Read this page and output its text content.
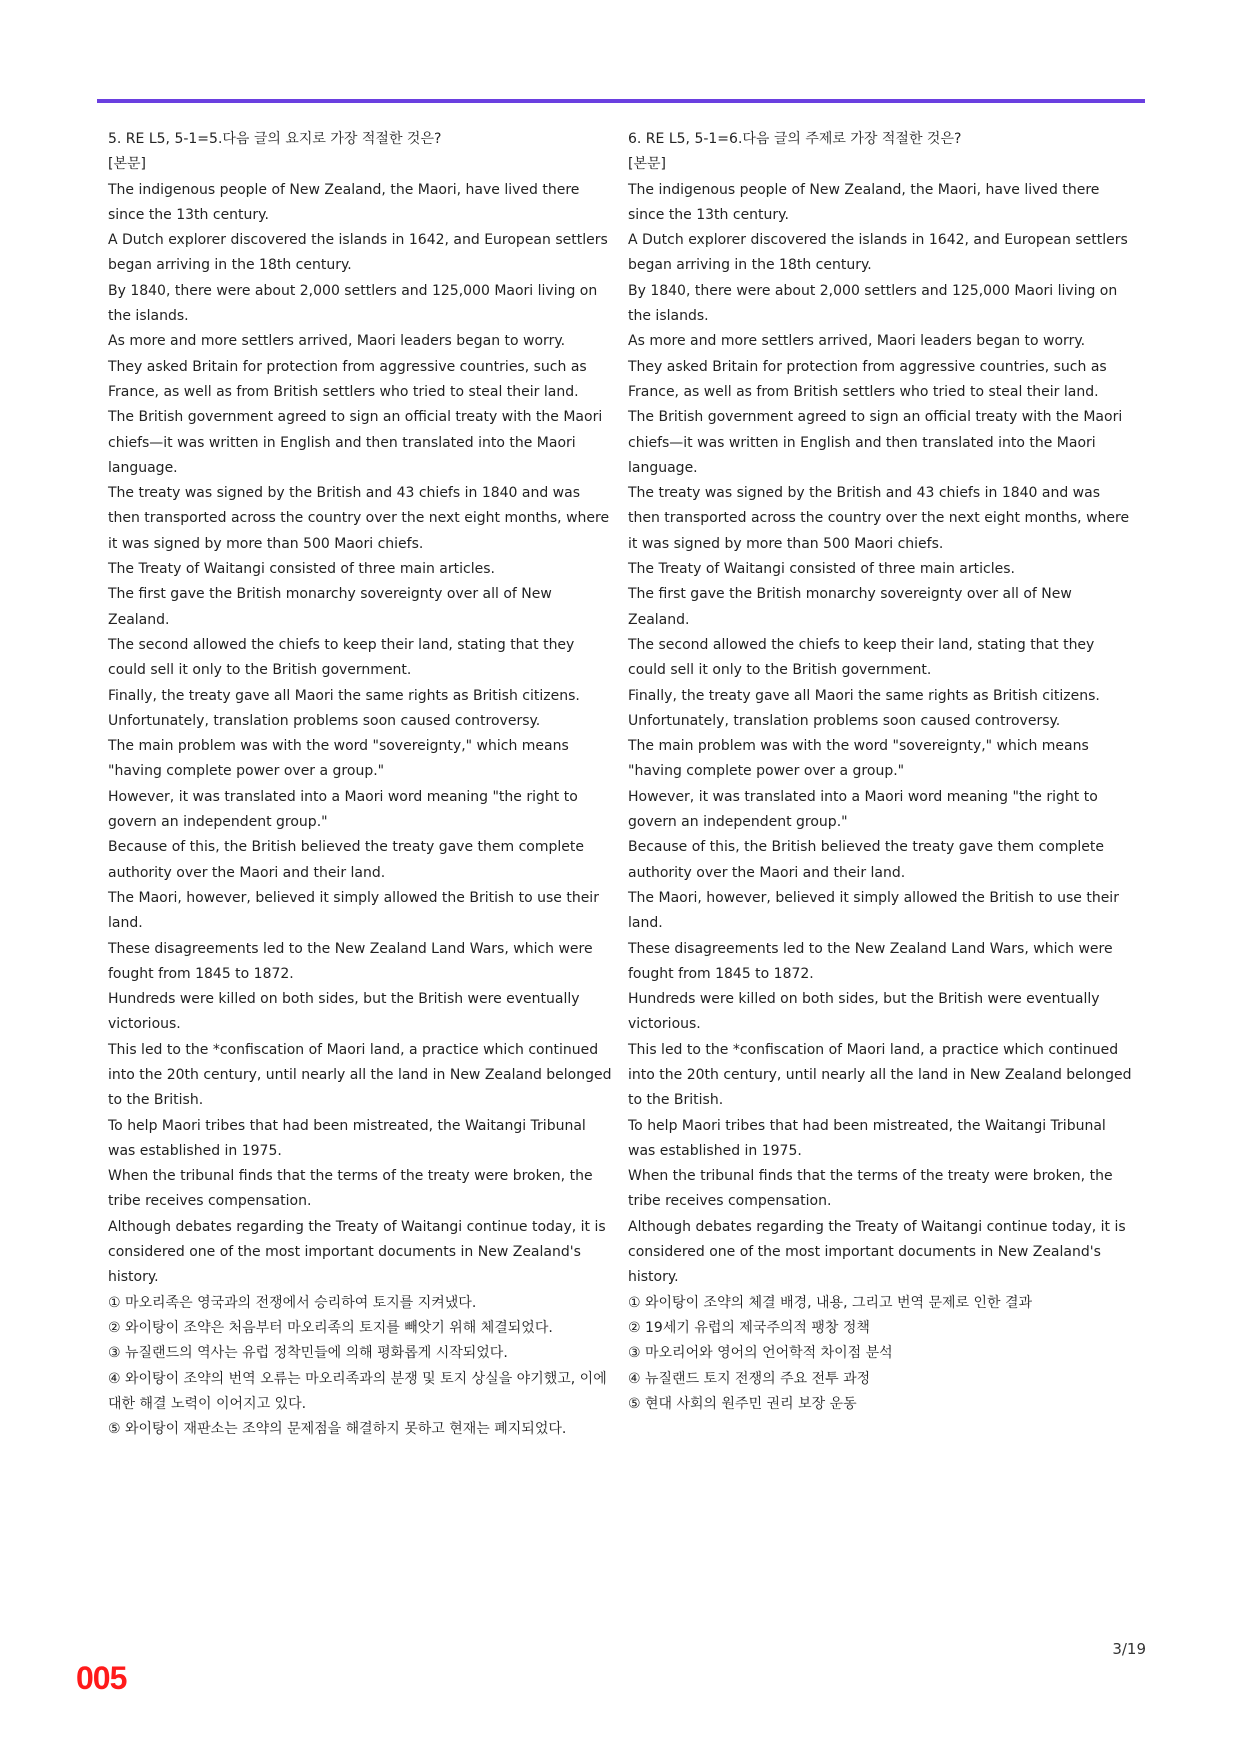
5. RE L5, 5-1=5.다음 글의 요지로 가장 적절한 것은?

[본문]

The indigenous people of New Zealand, the Maori, have lived there since the 13th century.

A Dutch explorer discovered the islands in 1642, and European settlers began arriving in the 18th century.

By 1840, there were about 2,000 settlers and 125,000 Maori living on the islands.

As more and more settlers arrived, Maori leaders began to worry.

They asked Britain for protection from aggressive countries, such as France, as well as from British settlers who tried to steal their land.

The British government agreed to sign an official treaty with the Maori chiefs—it was written in English and then translated into the Maori language.

The treaty was signed by the British and 43 chiefs in 1840 and was then transported across the country over the next eight months, where it was signed by more than 500 Maori chiefs.

The Treaty of Waitangi consisted of three main articles.

The first gave the British monarchy sovereignty over all of New Zealand.

The second allowed the chiefs to keep their land, stating that they could sell it only to the British government.

Finally, the treaty gave all Maori the same rights as British citizens.

Unfortunately, translation problems soon caused controversy.

The main problem was with the word "sovereignty," which means "having complete power over a group."

However, it was translated into a Maori word meaning "the right to govern an independent group."

Because of this, the British believed the treaty gave them complete authority over the Maori and their land.

The Maori, however, believed it simply allowed the British to use their land.

These disagreements led to the New Zealand Land Wars, which were fought from 1845 to 1872.

Hundreds were killed on both sides, but the British were eventually victorious.

This led to the *confiscation of Maori land, a practice which continued into the 20th century, until nearly all the land in New Zealand belonged to the British.

To help Maori tribes that had been mistreated, the Waitangi Tribunal was established in 1975.

When the tribunal finds that the terms of the treaty were broken, the tribe receives compensation.

Although debates regarding the Treaty of Waitangi continue today, it is considered one of the most important documents in New Zealand's history.

① 마오리족은 영국과의 전쟁에서 승리하여 토지를 지켜냈다.

② 와이탕이 조약은 처음부터 마오리족의 토지를 빼앗기 위해 체결되었다.

③ 뉴질랜드의 역사는 유럽 정착민들에 의해 평화롭게 시작되었다.

④ 와이탕이 조약의 번역 오류는 마오리족과의 분쟁 및 토지 상실을 야기했고, 이에 대한 해결 노력이 이어지고 있다.

⑤ 와이탕이 재판소는 조약의 문제점을 해결하지 못하고 현재는 폐지되었다.

6. RE L5, 5-1=6.다음 글의 주제로 가장 적절한 것은?

[본문]

The indigenous people of New Zealand, the Maori, have lived there since the 13th century.

A Dutch explorer discovered the islands in 1642, and European settlers began arriving in the 18th century.

By 1840, there were about 2,000 settlers and 125,000 Maori living on the islands.

As more and more settlers arrived, Maori leaders began to worry.

They asked Britain for protection from aggressive countries, such as France, as well as from British settlers who tried to steal their land.

The British government agreed to sign an official treaty with the Maori chiefs—it was written in English and then translated into the Maori language.

The treaty was signed by the British and 43 chiefs in 1840 and was then transported across the country over the next eight months, where it was signed by more than 500 Maori chiefs.

The Treaty of Waitangi consisted of three main articles.

The first gave the British monarchy sovereignty over all of New Zealand.

The second allowed the chiefs to keep their land, stating that they could sell it only to the British government.

Finally, the treaty gave all Maori the same rights as British citizens.

Unfortunately, translation problems soon caused controversy.

The main problem was with the word "sovereignty," which means "having complete power over a group."

However, it was translated into a Maori word meaning "the right to govern an independent group."

Because of this, the British believed the treaty gave them complete authority over the Maori and their land.

The Maori, however, believed it simply allowed the British to use their land.

These disagreements led to the New Zealand Land Wars, which were fought from 1845 to 1872.

Hundreds were killed on both sides, but the British were eventually victorious.

This led to the *confiscation of Maori land, a practice which continued into the 20th century, until nearly all the land in New Zealand belonged to the British.

To help Maori tribes that had been mistreated, the Waitangi Tribunal was established in 1975.

When the tribunal finds that the terms of the treaty were broken, the tribe receives compensation.

Although debates regarding the Treaty of Waitangi continue today, it is considered one of the most important documents in New Zealand's history.

① 와이탕이 조약의 체결 배경, 내용, 그리고 번역 문제로 인한 결과

② 19세기 유럽의 제국주의적 팽창 정책

③ 마오리어와 영어의 언어학적 차이점 분석

④ 뉴질랜드 토지 전쟁의 주요 전투 과정

⑤ 현대 사회의 원주민 권리 보장 운동

3/19
005
